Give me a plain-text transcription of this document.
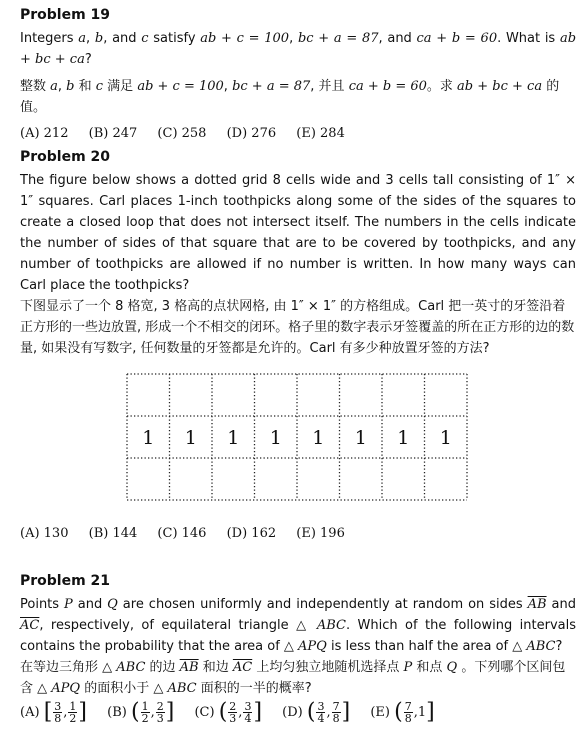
Problem 19

Integers a, b, and c satisfy ab + c = 100, bc + a = 87, and ca + b = 60. What is ab + bc + ca?

整数 a, b 和 c 满足 ab + c = 100, bc + a = 87, 并且 ca + b = 60。求 ab + bc + ca 的值。

(A) 212 (B) 247 (C) 258 (D) 276 (E) 284
Problem 20

The figure below shows a dotted grid 8 cells wide and 3 cells tall consisting of 1″ × 1″ squares. Carl places 1-inch toothpicks along some of the sides of the squares to create a closed loop that does not intersect itself. The numbers in the cells indicate the number of sides of that square that are to be covered by toothpicks, and any number of toothpicks are allowed if no number is written. In how many ways can Carl place the toothpicks?

下图显示了一个 8 格宽, 3 格高的点状网格, 由 1″ × 1″ 的方格组成。Carl 把一英寸的牙签沿着正方形的一些边放置, 形成一个不相交的闭环。格子里的数字表示牙签覆盖的所在正方形的边的数量, 如果没有写数字, 任何数量的牙签都是允许的。Carl 有多少种放置牙签的方法?

1 1 1 1 1 1 1 1
(A) 130 (B) 144 (C) 146 (D) 162 (E) 196
Problem 21

Points P and Q are chosen uniformly and independently at random on sides $\overline{AB}$ and $\overline{AC}$, respectively, of equilateral triangle △ ABC. Which of the following intervals contains the probability that the area of △ APQ is less than half the area of △ ABC?

在等边三角形 △ ABC 的边 $\overline{AB}$ 和边 $\overline{AC}$ 上均匀独立地随机选择点 P 和点 Q 。下列哪个区间包含 △ APQ 的面积小于 △ ABC 面积的一半的概率?

(A) [ $\frac{3}{8}$ , $\frac{1}{2}$ ] (B) ( $\frac{1}{2}$ , $\frac{2}{3}$ ] (C) ( $\frac{2}{3}$ , $\frac{3}{4}$ ] (D) ( $\frac{3}{4}$ , $\frac{7}{8}$ ] (E) ( $\frac{7}{8} ,1$]
